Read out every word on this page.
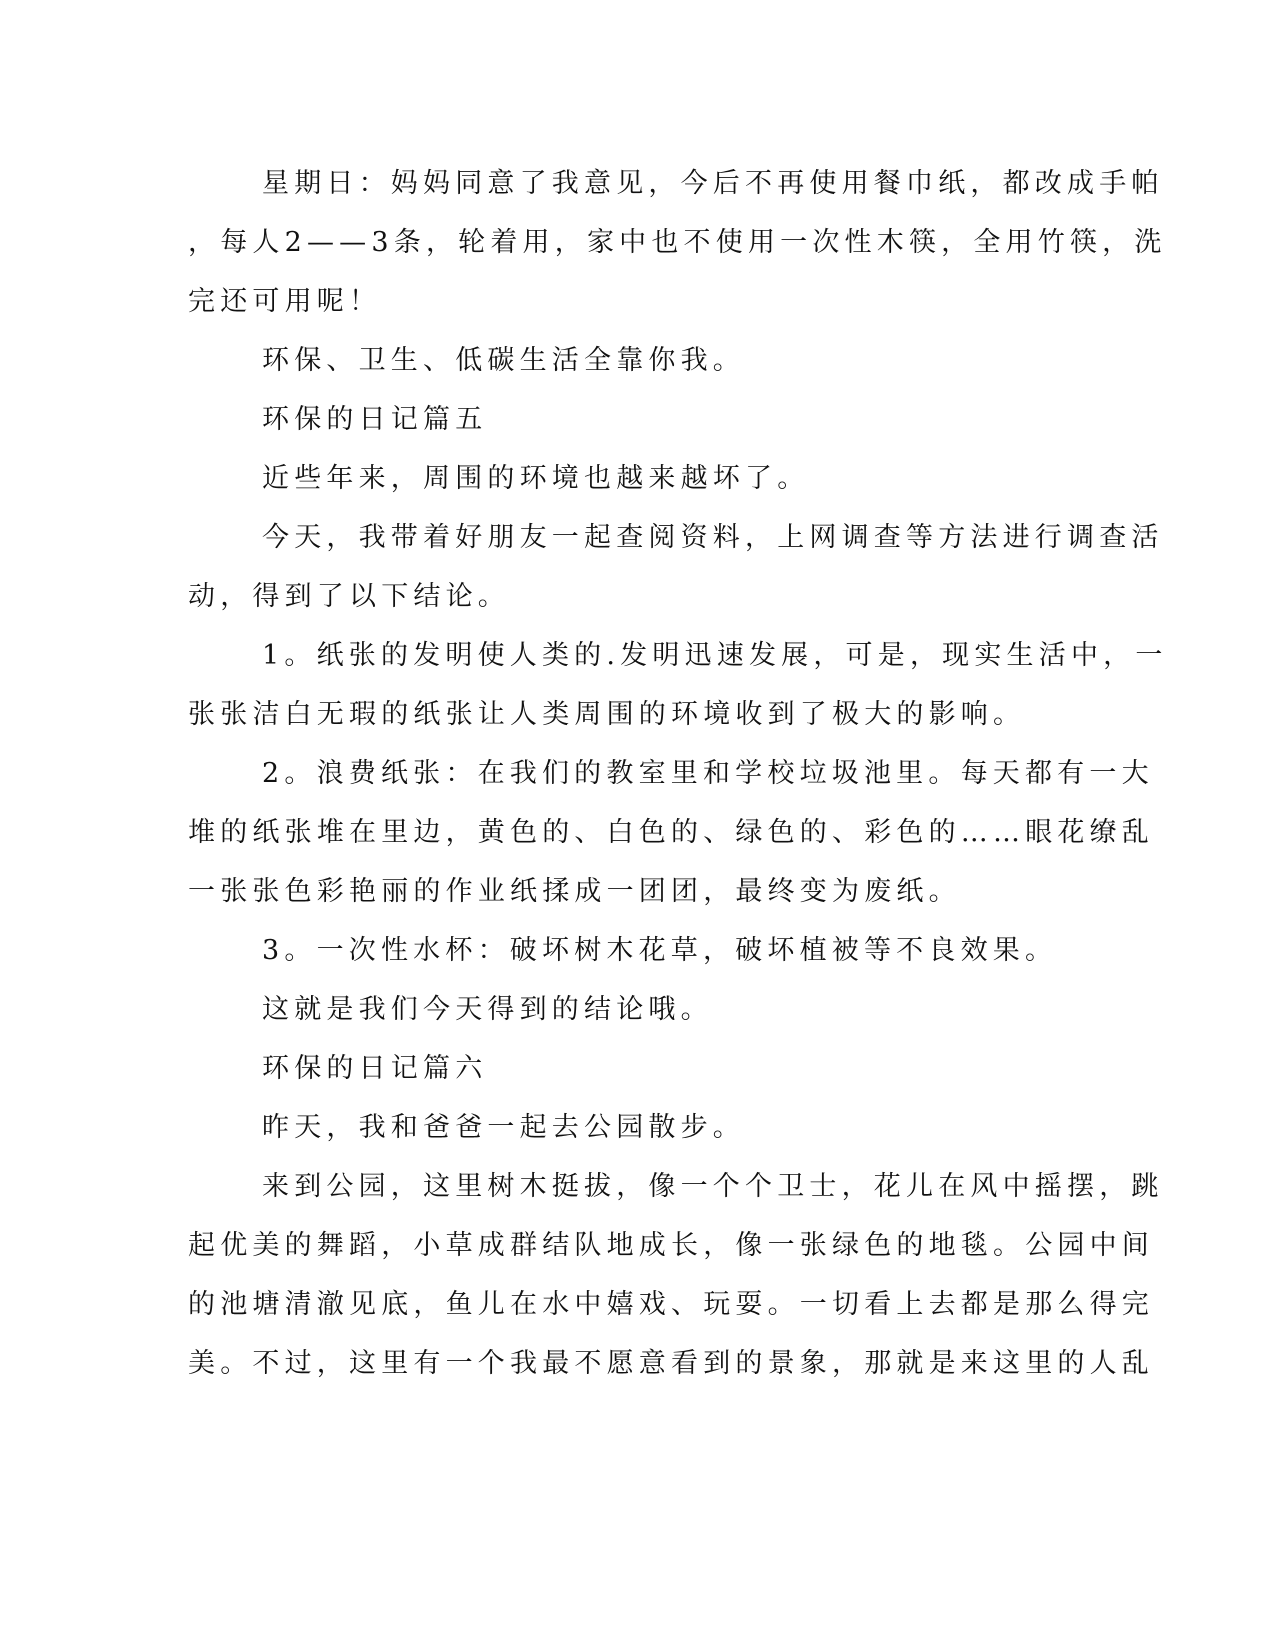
星期日：妈妈同意了我意见，今后不再使用餐巾纸，都改成手帕
，每人2——3条，轮着用，家中也不使用一次性木筷，全用竹筷，洗
完还可用呢！
环保、卫生、低碳生活全靠你我。
环保的日记篇五
近些年来，周围的环境也越来越坏了。
今天，我带着好朋友一起查阅资料，上网调查等方法进行调查活
动，得到了以下结论。
1。纸张的发明使人类的.发明迅速发展，可是，现实生活中，一
张张洁白无瑕的纸张让人类周围的环境收到了极大的影响。
2。浪费纸张：在我们的教室里和学校垃圾池里。每天都有一大
堆的纸张堆在里边，黄色的、白色的、绿色的、彩色的……眼花缭乱
一张张色彩艳丽的作业纸揉成一团团，最终变为废纸。
3。一次性水杯：破坏树木花草，破坏植被等不良效果。
这就是我们今天得到的结论哦。
环保的日记篇六
昨天，我和爸爸一起去公园散步。
来到公园，这里树木挺拔，像一个个卫士，花儿在风中摇摆，跳
起优美的舞蹈，小草成群结队地成长，像一张绿色的地毯。公园中间
的池塘清澈见底，鱼儿在水中嬉戏、玩耍。一切看上去都是那么得完
美。不过，这里有一个我最不愿意看到的景象，那就是来这里的人乱
